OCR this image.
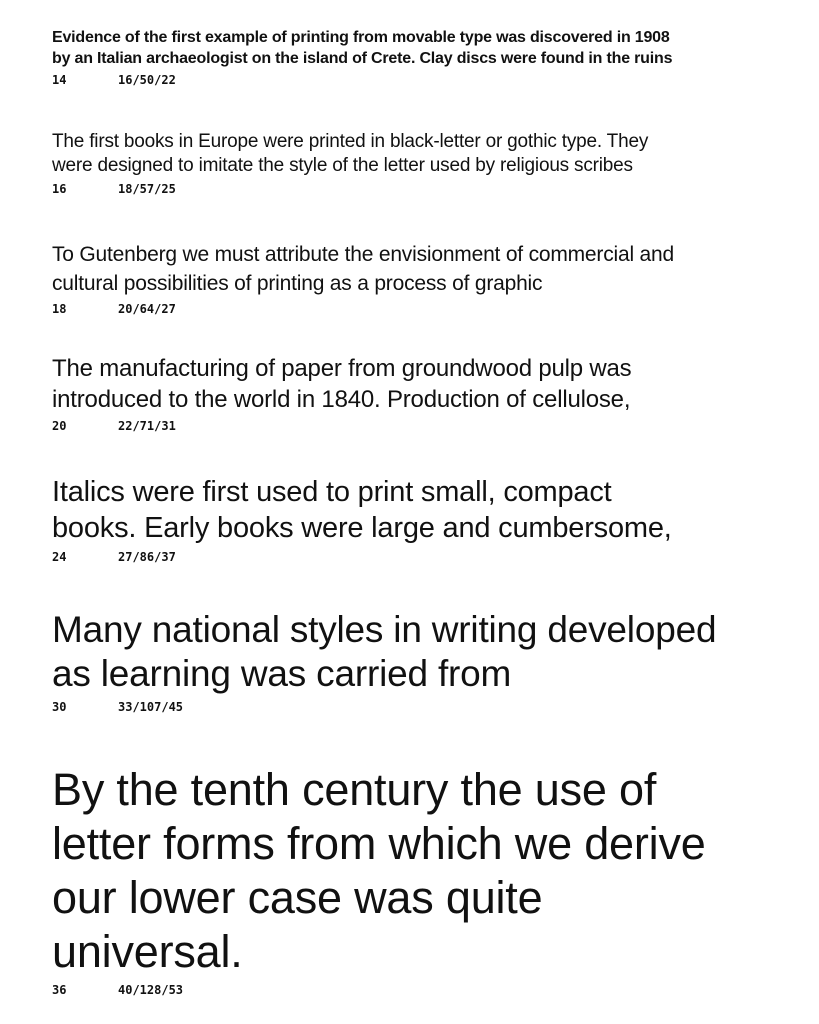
Evidence of the first example of printing from movable type was discovered in 1908
by an Italian archaeologist on the island of Crete. Clay discs were found in the ruins

14	16/50/22

The first books in Europe were printed in black-letter or gothic type. They
were designed to imitate the style of the letter used by religious scribes

16	18/57/25

To Gutenberg we must attribute the envisionment of commercial and
cultural possibilities of printing as a process of graphic

18	20/64/27

The manufacturing of paper from groundwood pulp was
introduced to the world in 1840. Production of cellulose,

20	22/71/31

Italics were first used to print small, compact
books. Early books were large and cumbersome,

24	27/86/37

Many national styles in writing developed
as learning was carried from

30	33/107/45

By the tenth century the use of
letter forms from which we derive
our lower case was quite
universal.

36	40/128/53
